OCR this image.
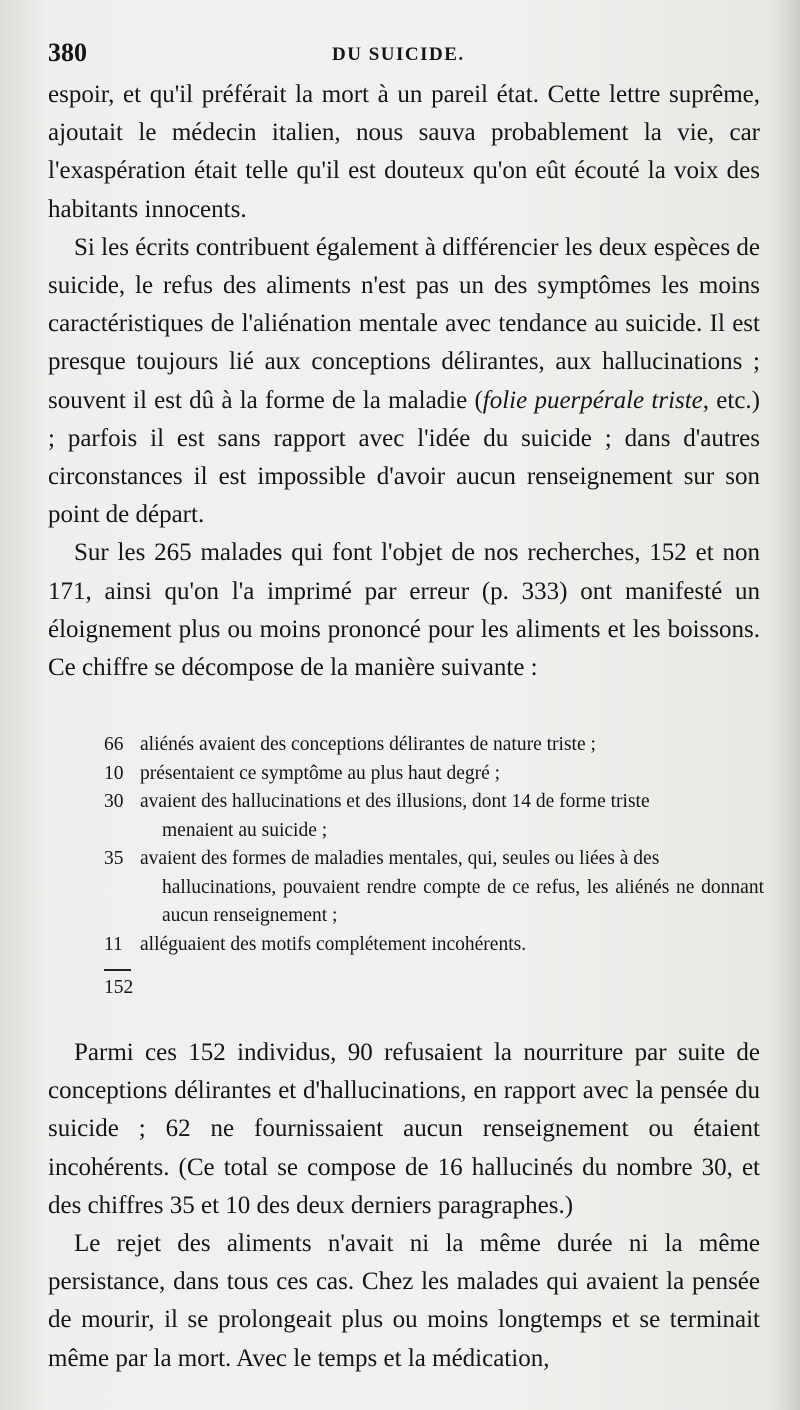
380	DU SUICIDE.

espoir, et qu'il préférait la mort à un pareil état. Cette lettre suprême, ajoutait le médecin italien, nous sauva probablement la vie, car l'exaspération était telle qu'il est douteux qu'on eût écouté la voix des habitants innocents.

Si les écrits contribuent également à différencier les deux espèces de suicide, le refus des aliments n'est pas un des symptômes les moins caractéristiques de l'aliénation mentale avec tendance au suicide. Il est presque toujours lié aux conceptions délirantes, aux hallucinations ; souvent il est dû à la forme de la maladie (folie puerpérale triste, etc.) ; parfois il est sans rapport avec l'idée du suicide ; dans d'autres circonstances il est impossible d'avoir aucun renseignement sur son point de départ.

Sur les 265 malades qui font l'objet de nos recherches, 152 et non 171, ainsi qu'on l'a imprimé par erreur (p. 333) ont manifesté un éloignement plus ou moins prononcé pour les aliments et les boissons. Ce chiffre se décompose de la manière suivante :

66 aliénés avaient des conceptions délirantes de nature triste ;
10 présentaient ce symptôme au plus haut degré ;
30 avaient des hallucinations et des illusions, dont 14 de forme triste
menaient au suicide ;
35 avaient des formes de maladies mentales, qui, seules ou liées à des
hallucinations, pouvaient rendre compte de ce refus, les aliénés ne donnant aucun renseignement ;
11 alléguaient des motifs complétement incohérents.
152

Parmi ces 152 individus, 90 refusaient la nourriture par suite de conceptions délirantes et d'hallucinations, en rapport avec la pensée du suicide ; 62 ne fournissaient aucun renseignement ou étaient incohérents. (Ce total se compose de 16 hallucinés du nombre 30, et des chiffres 35 et 10 des deux derniers paragraphes.)

Le rejet des aliments n'avait ni la même durée ni la même persistance, dans tous ces cas. Chez les malades qui avaient la pensée de mourir, il se prolongeait plus ou moins longtemps et se terminait même par la mort. Avec le temps et la médication,
